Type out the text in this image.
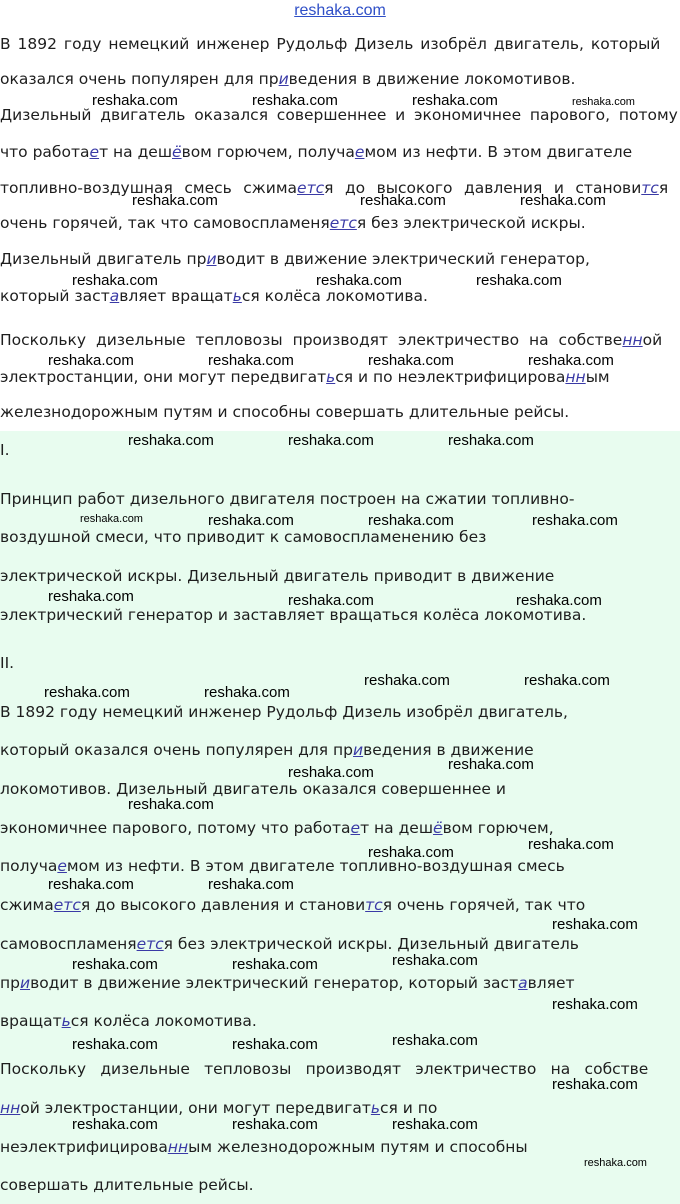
reshaka.com
В 1892 году немецкий инженер Рудольф Дизель изобрёл двигатель, который
оказался очень популярен для приведения в движение локомотивов.
Дизельный двигатель оказался совершеннее и экономичнее парового, потому
что работает на дешёвом горючем, получаемом из нефти. В этом двигателе
топливно-воздушная смесь сжимается до высокого давления и становится
очень горячей, так что самовоспламеняется без электрической искры.
Дизельный двигатель приводит в движение электрический генератор,
который заставляет вращаться колёса локомотива.
Поскольку дизельные тепловозы производят электричество на собственной
электростанции, они могут передвигаться и по неэлектрифицированным
железнодорожным путям и способны совершать длительные рейсы.
I.
Принцип работ дизельного двигателя построен на сжатии топливно-
воздушной смеси, что приводит к самовоспламенению без
электрической искры. Дизельный двигатель приводит в движение
электрический генератор и заставляет вращаться колёса локомотива.
II.
В 1892 году немецкий инженер Рудольф Дизель изобрёл двигатель,
который оказался очень популярен для приведения в движение
локомотивов. Дизельный двигатель оказался совершеннее и
экономичнее парового, потому что работает на дешёвом горючем,
получаемом из нефти. В этом двигателе топливно-воздушная смесь
сжимается до высокого давления и становится очень горячей, так что
самовоспламеняется без электрической искры. Дизельный двигатель
приводит в движение электрический генератор, который заставляет
вращаться колёса локомотива.
Поскольку дизельные тепловозы производят электричество на собстве
нной электростанции, они могут передвигаться и по
неэлектрифицированным железнодорожным путям и способны
совершать длительные рейсы.
reshaka.com	reshaka.com	reshaka.com	reshaka.com
reshaka.com	reshaka.com	reshaka.com
reshaka.com	reshaka.com	reshaka.com
reshaka.com	reshaka.com	reshaka.com	reshaka.com
reshaka.com	reshaka.com	reshaka.com
reshaka.com	reshaka.com	reshaka.com	reshaka.com
reshaka.com	reshaka.com	reshaka.com
reshaka.com	reshaka.com
reshaka.com	reshaka.com
reshaka.com
reshaka.com
reshaka.com
reshaka.com
reshaka.com
reshaka.com	reshaka.com
reshaka.com
reshaka.com
reshaka.com	reshaka.com
reshaka.com
reshaka.com
reshaka.com	reshaka.com
reshaka.com
reshaka.com	reshaka.com	reshaka.com
reshaka.com
